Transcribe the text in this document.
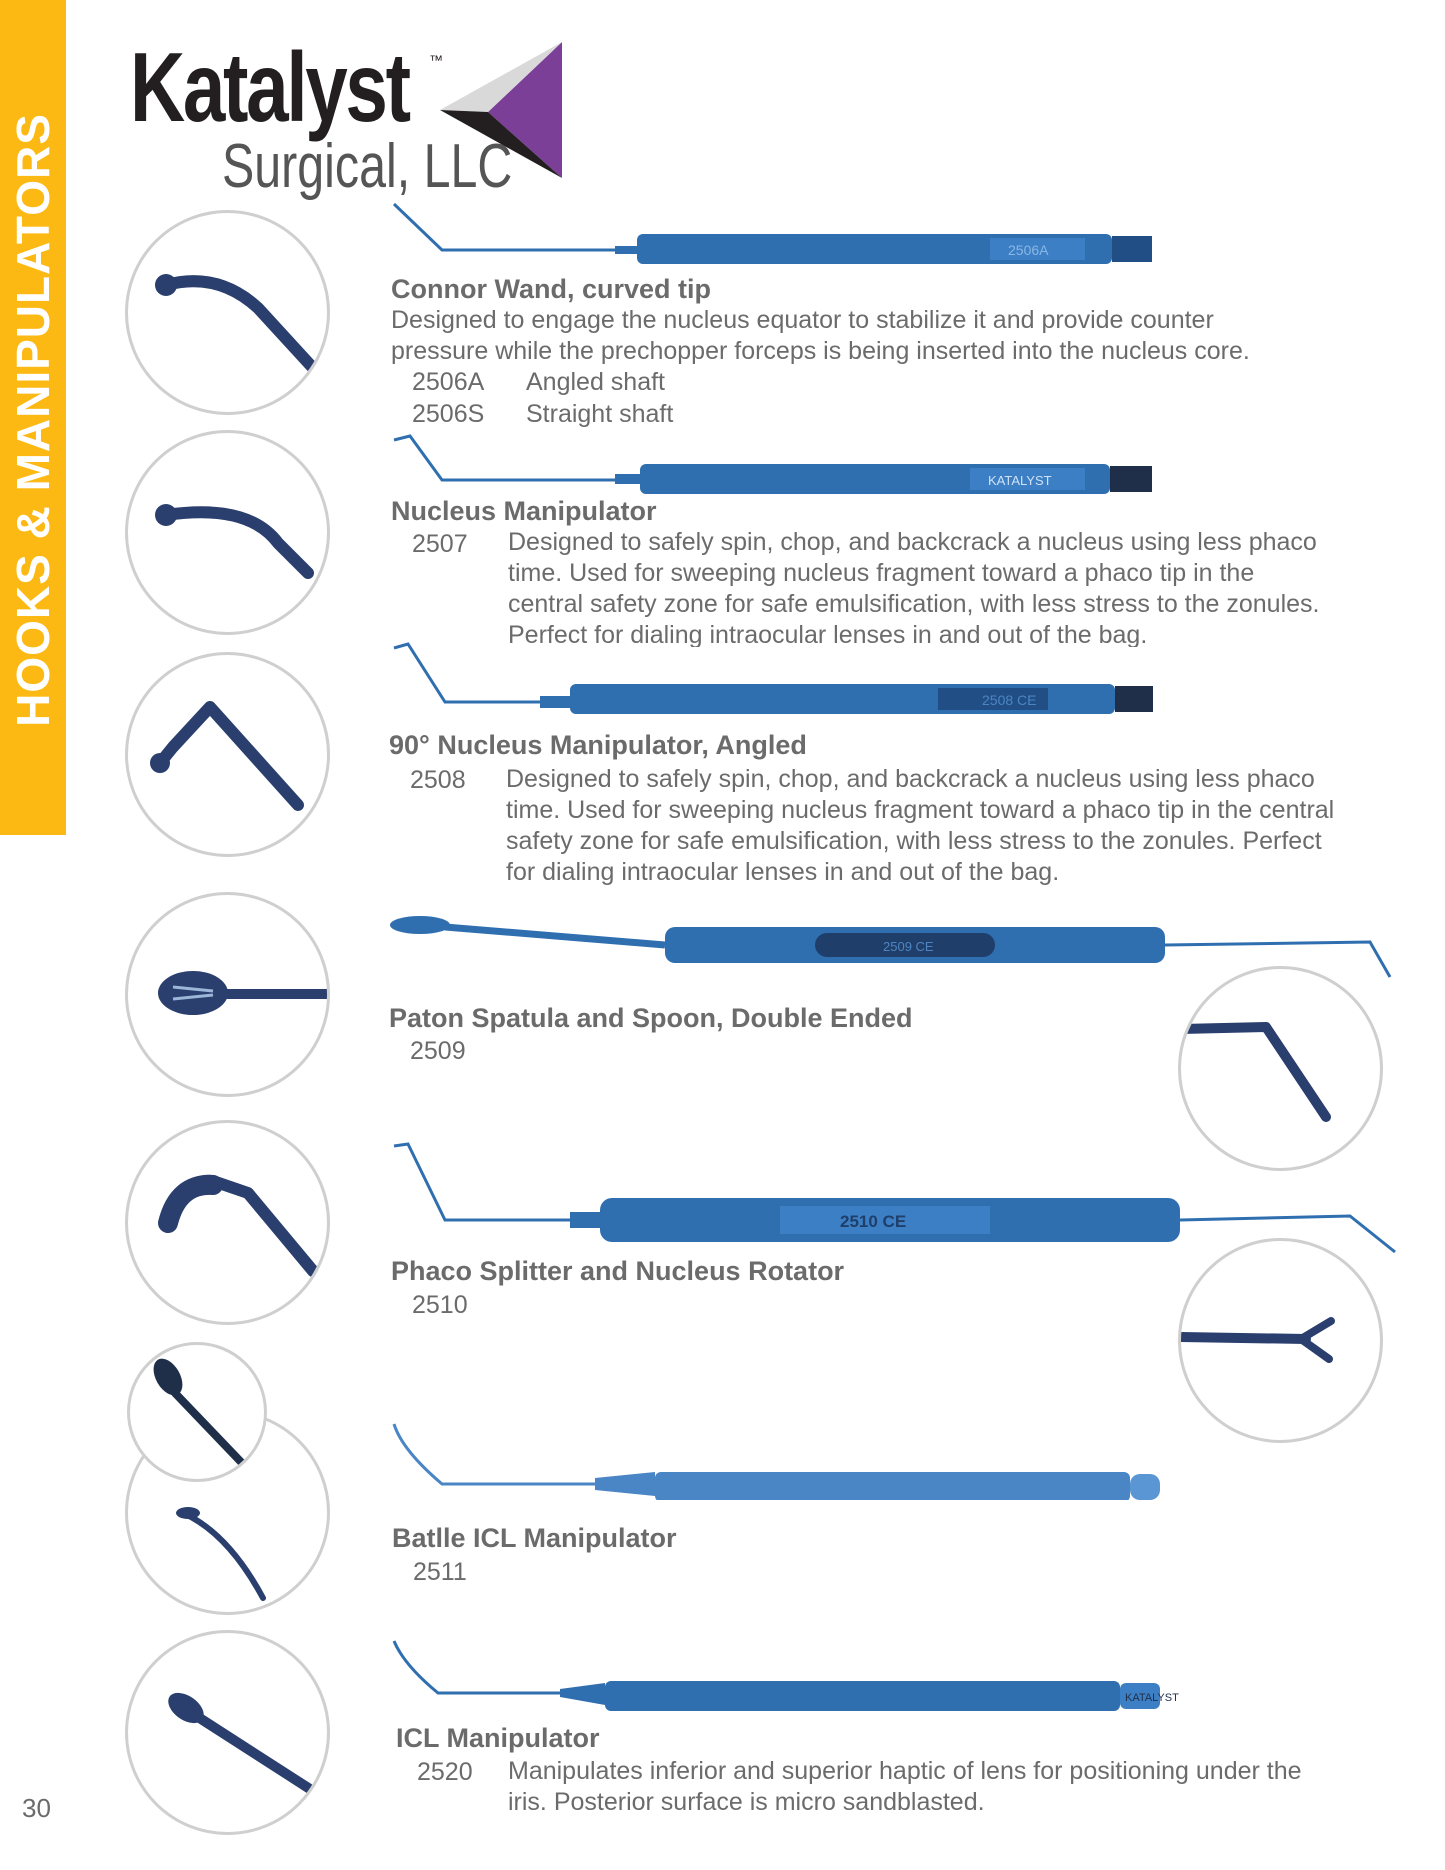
HOOKS & MANIPULATORS
Katalyst ™
Surgical, LLC
2506A
Connor Wand, curved tip
Designed to engage the nucleus equator to stabilize it and provide counter pressure while the prechopper forceps is being inserted into the nucleus core.
2506A Angled shaft
2506S Straight shaft
KATALYST
Nucleus Manipulator
2507 Designed to safely spin, chop, and backcrack a nucleus using less phaco time. Used for sweeping nucleus fragment toward a phaco tip in the central safety zone for safe emulsification, with less stress to the zonules. Perfect for dialing intraocular lenses in and out of the bag.
2508 CE
90° Nucleus Manipulator, Angled
2508 Designed to safely spin, chop, and backcrack a nucleus using less phaco time. Used for sweeping nucleus fragment toward a phaco tip in the central safety zone for safe emulsification, with less stress to the zonules. Perfect for dialing intraocular lenses in and out of the bag.
2509 CE
Paton Spatula and Spoon, Double Ended
2509
2510 CE
Phaco Splitter and Nucleus Rotator
2510
Batlle ICL Manipulator
2511
KATALYST
ICL Manipulator
2520 Manipulates inferior and superior haptic of lens for positioning under the iris. Posterior surface is micro sandblasted.
30
